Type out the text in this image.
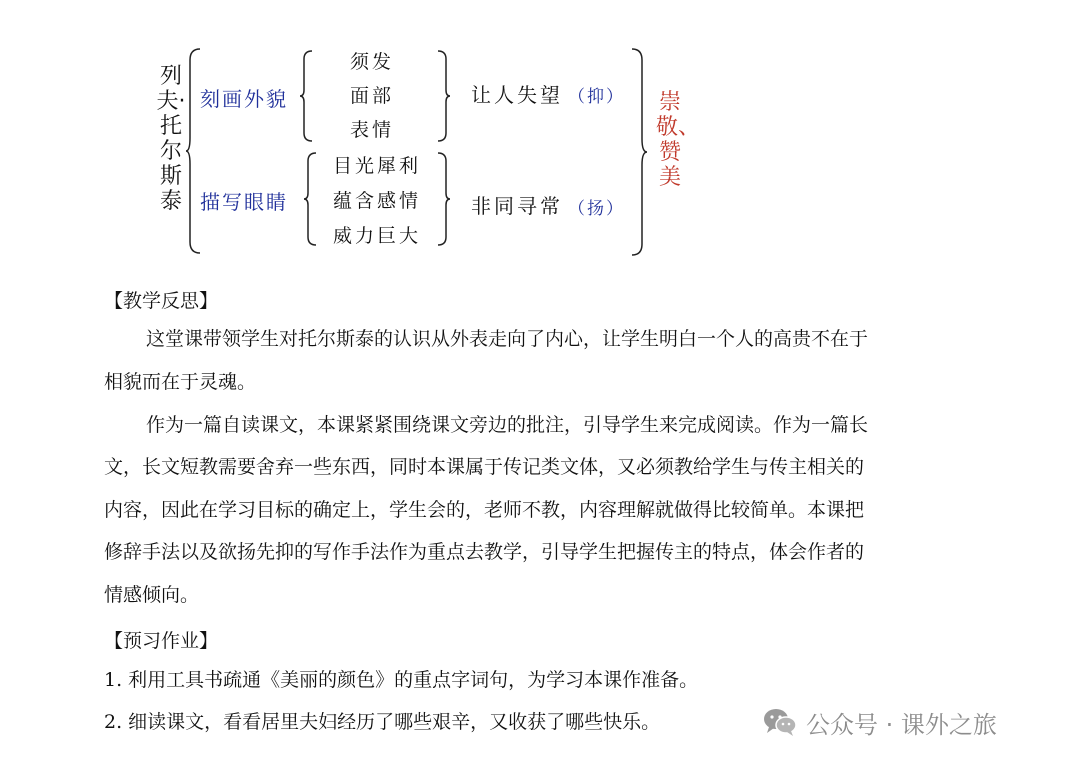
列夫·托尔斯泰
刻画外貌
须发
面部
表情
让人失望 （抑）
描写眼睛
目光犀利
蕴含感情
威力巨大
非同寻常 （扬）
崇敬、赞美
【教学反思】
这堂课带领学生对托尔斯泰的认识从外表走向了内心，让学生明白一个人的高贵不在于
相貌而在于灵魂。
作为一篇自读课文，本课紧紧围绕课文旁边的批注，引导学生来完成阅读。作为一篇长
文，长文短教需要舍弃一些东西，同时本课属于传记类文体，又必须教给学生与传主相关的
内容，因此在学习目标的确定上，学生会的，老师不教，内容理解就做得比较简单。本课把
修辞手法以及欲扬先抑的写作手法作为重点去教学，引导学生把握传主的特点，体会作者的
情感倾向。
【预习作业】
1. 利用工具书疏通《美丽的颜色》的重点字词句，为学习本课作准备。
2. 细读课文，看看居里夫妇经历了哪些艰辛，又收获了哪些快乐。	公众号 · 课外之旅
